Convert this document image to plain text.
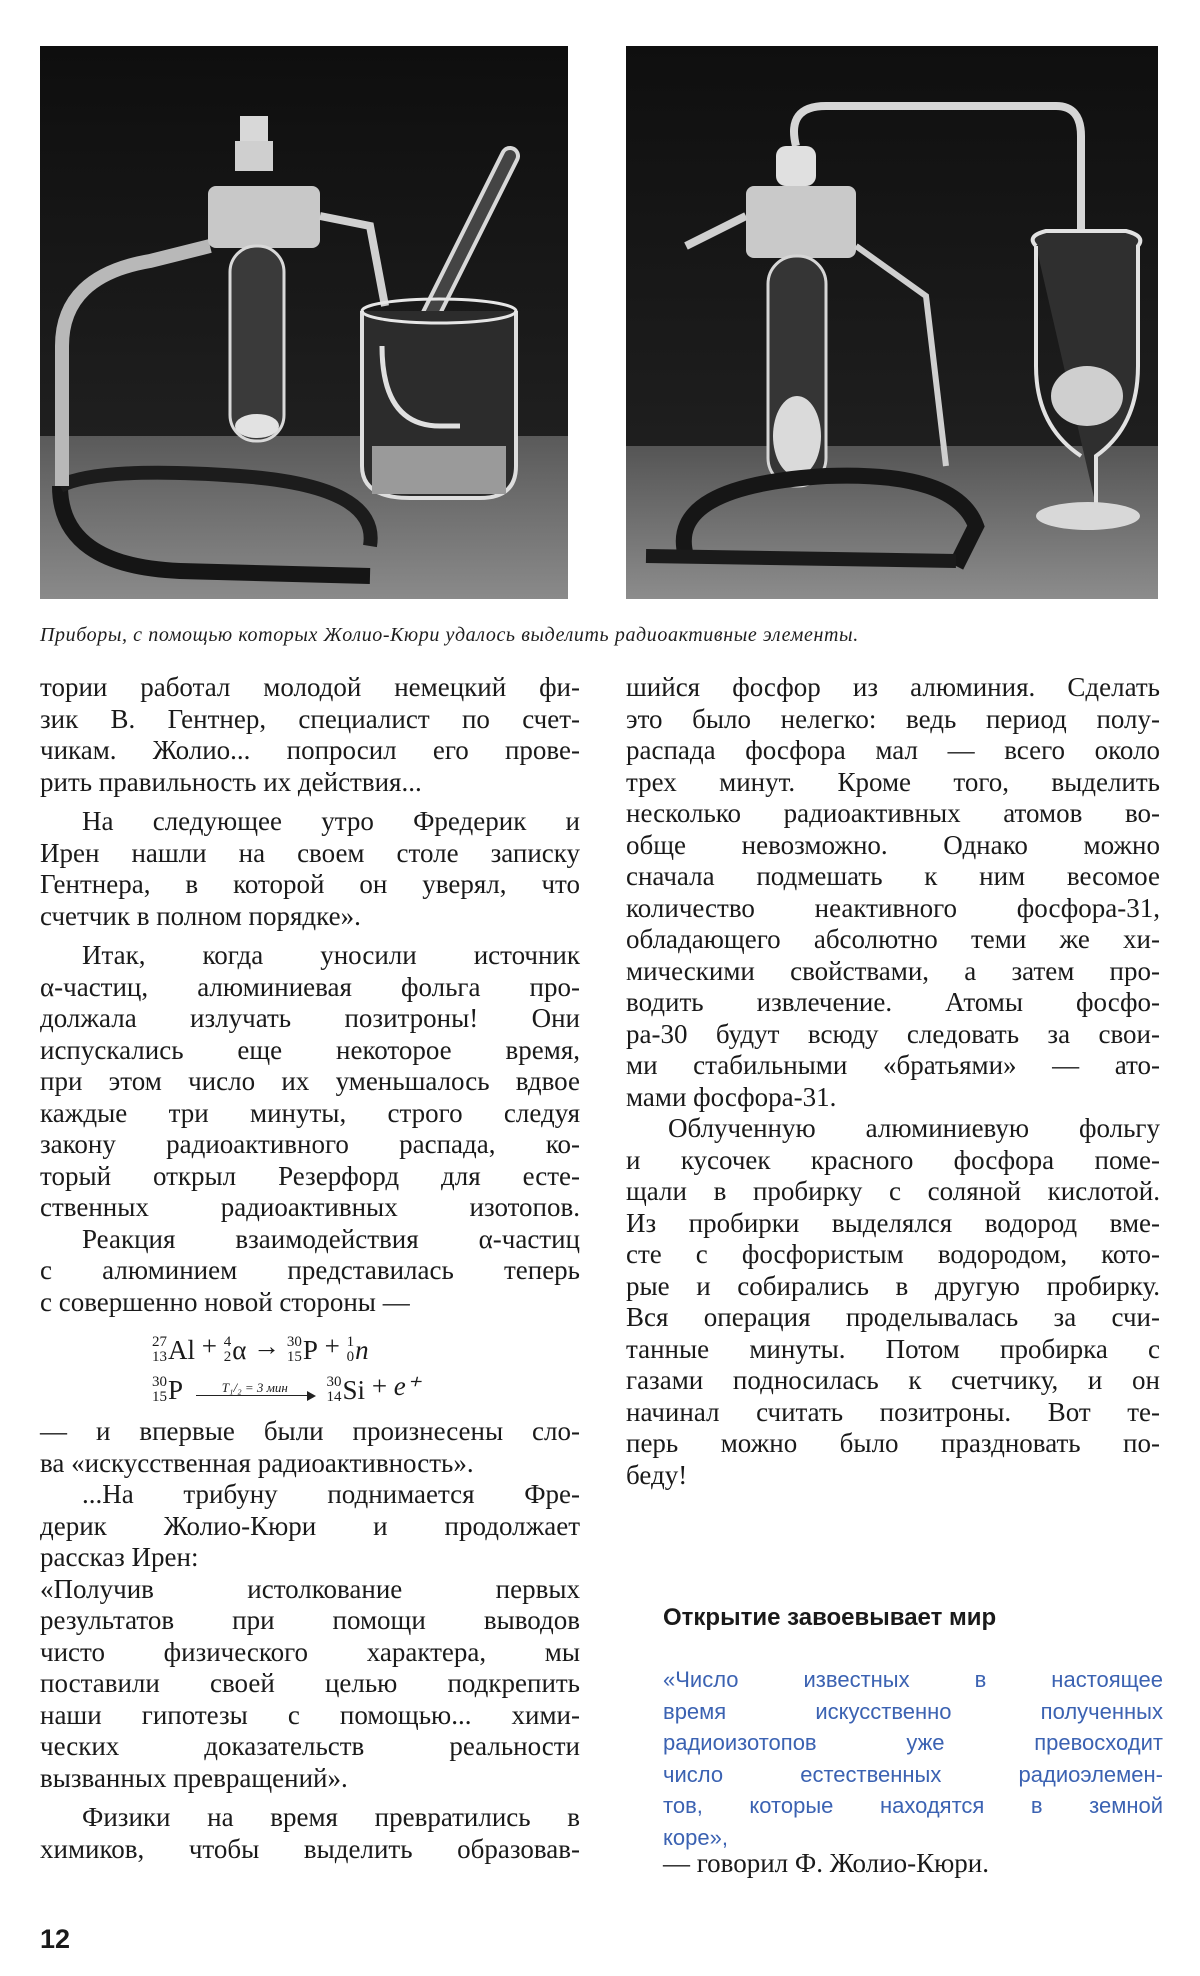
Приборы, с помощью которых Жолио-Кюри удалось выделить радиоактивные элементы.
тории работал молодой немецкий фи-
зик В. Гентнер, специалист по счет-
чикам. Жолио... попросил его прове-
рить правильность их действия...
На следующее утро Фредерик и
Ирен нашли на своем столе записку
Гентнера, в которой он уверял, что
счетчик в полном порядке».
Итак, когда уносили источник
α-частиц, алюминиевая фольга про-
должала излучать позитроны! Они
испускались еще некоторое время,
при этом число их уменьшалось вдвое
каждые три минуты, строго следуя
закону радиоактивного распада, ко-
торый открыл Резерфорд для есте-
ственных радиоактивных изотопов.
Реакция взаимодействия α-частиц
с алюминием представилась теперь
с совершенно новой стороны —
27
13 Al + 4
2 α → 30
15 P + 1
0 n
30
15 P	T₁/₂ = 3 мин	30
14 Si + e⁺
— и впервые были произнесены сло-
ва «искусственная радиоактивность».
...На трибуну поднимается Фре-
дерик Жолио-Кюри и продолжает
рассказ Ирен:
«Получив истолкование первых
результатов при помощи выводов
чисто физического характера, мы
поставили своей целью подкрепить
наши гипотезы с помощью... хими-
ческих доказательств реальности
вызванных превращений».
Физики на время превратились в
химиков, чтобы выделить образовав-
шийся фосфор из алюминия. Сделать
это было нелегко: ведь период полу-
распада фосфора мал — всего около
трех минут. Кроме того, выделить
несколько радиоактивных атомов во-
обще невозможно. Однако можно
сначала подмешать к ним весомое
количество неактивного фосфора-31,
обладающего абсолютно теми же хи-
мическими свойствами, а затем про-
водить извлечение. Атомы фосфо-
ра-30 будут всюду следовать за свои-
ми стабильными «братьями» — ато-
мами фосфора-31.
Облученную алюминиевую фольгу
и кусочек красного фосфора поме-
щали в пробирку с соляной кислотой.
Из пробирки выделялся водород вме-
сте с фосфористым водородом, кото-
рые и собирались в другую пробирку.
Вся операция проделывалась за счи-
танные минуты. Потом пробирка с
газами подносилась к счетчику, и он
начинал считать позитроны. Вот те-
перь можно было праздновать по-
беду!
Открытие завоевывает мир
«Число известных в настоящее
время искусственно полученных
радиоизотопов уже превосходит
число естественных радиоэлемен-
тов, которые находятся в земной
коре»,
— говорил Ф. Жолио-Кюри.
12
